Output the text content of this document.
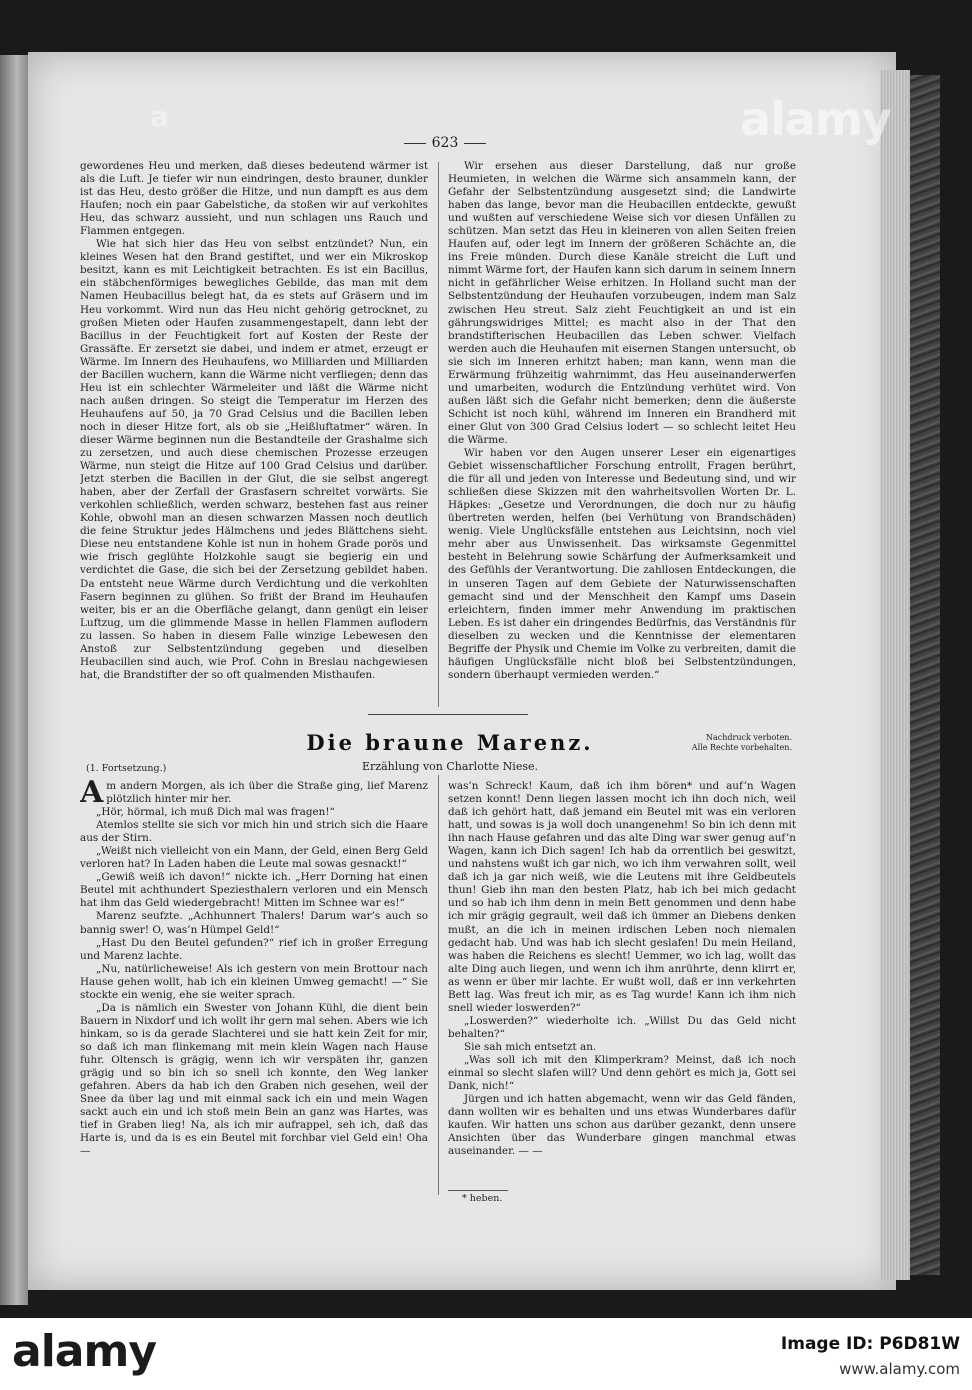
alamy
a
623

gewordenes Heu und merken, daß dieses bedeutend wärmer ist als die Luft. Je tiefer wir nun eindringen, desto brauner, dunkler ist das Heu, desto größer die Hitze, und nun dampft es aus dem Haufen; noch ein paar Gabelstiche, da stoßen wir auf verkohltes Heu, das schwarz aussieht, und nun schlagen uns Rauch und Flammen entgegen.

Wie hat sich hier das Heu von selbst entzündet? Nun, ein kleines Wesen hat den Brand gestiftet, und wer ein Mikroskop besitzt, kann es mit Leichtigkeit betrachten. Es ist ein Bacillus, ein stäbchenförmiges bewegliches Gebilde, das man mit dem Namen Heubacillus belegt hat, da es stets auf Gräsern und im Heu vorkommt. Wird nun das Heu nicht gehörig getrocknet, zu großen Mieten oder Haufen zusammengestapelt, dann lebt der Bacillus in der Feuchtigkeit fort auf Kosten der Reste der Grassäfte. Er zersetzt sie dabei, und indem er atmet, erzeugt er Wärme. Im Innern des Heuhaufens, wo Milliarden und Milliarden der Bacillen wuchern, kann die Wärme nicht verfliegen; denn das Heu ist ein schlechter Wärmeleiter und läßt die Wärme nicht nach außen dringen. So steigt die Temperatur im Herzen des Heuhaufens auf 50, ja 70 Grad Celsius und die Bacillen leben noch in dieser Hitze fort, als ob sie „Heißluftatmer“ wären. In dieser Wärme beginnen nun die Bestandteile der Grashalme sich zu zersetzen, und auch diese chemischen Prozesse erzeugen Wärme, nun steigt die Hitze auf 100 Grad Celsius und darüber. Jetzt sterben die Bacillen in der Glut, die sie selbst angeregt haben, aber der Zerfall der Grasfasern schreitet vorwärts. Sie verkohlen schließlich, werden schwarz, bestehen fast aus reiner Kohle, obwohl man an diesen schwarzen Massen noch deutlich die feine Struktur jedes Hälmchens und jedes Blättchens sieht. Diese neu entstandene Kohle ist nun in hohem Grade porös und wie frisch geglühte Holzkohle saugt sie begierig ein und verdichtet die Gase, die sich bei der Zersetzung gebildet haben. Da entsteht neue Wärme durch Verdichtung und die verkohlten Fasern beginnen zu glühen. So frißt der Brand im Heuhaufen weiter, bis er an die Oberfläche gelangt, dann genügt ein leiser Luftzug, um die glimmende Masse in hellen Flammen auflodern zu lassen. So haben in diesem Falle winzige Lebewesen den Anstoß zur Selbstentzündung gegeben und dieselben Heubacillen sind auch, wie Prof. Cohn in Breslau nachgewiesen hat, die Brandstifter der so oft qualmenden Misthaufen.

Wir ersehen aus dieser Darstellung, daß nur große Heumieten, in welchen die Wärme sich ansammeln kann, der Gefahr der Selbstentzündung ausgesetzt sind; die Landwirte haben das lange, bevor man die Heubacillen entdeckte, gewußt und wußten auf verschiedene Weise sich vor diesen Unfällen zu schützen. Man setzt das Heu in kleineren von allen Seiten freien Haufen auf, oder legt im Innern der größeren Schächte an, die ins Freie münden. Durch diese Kanäle streicht die Luft und nimmt Wärme fort, der Haufen kann sich darum in seinem Innern nicht in gefährlicher Weise erhitzen. In Holland sucht man der Selbstentzündung der Heuhaufen vorzubeugen, indem man Salz zwischen Heu streut. Salz zieht Feuchtigkeit an und ist ein gährungswidriges Mittel; es macht also in der That den brandstifterischen Heubacillen das Leben schwer. Vielfach werden auch die Heuhaufen mit eisernen Stangen untersucht, ob sie sich im Inneren erhitzt haben; man kann, wenn man die Erwärmung frühzeitig wahrnimmt, das Heu auseinanderwerfen und umarbeiten, wodurch die Entzündung verhütet wird. Von außen läßt sich die Gefahr nicht bemerken; denn die äußerste Schicht ist noch kühl, während im Inneren ein Brandherd mit einer Glut von 300 Grad Celsius lodert — so schlecht leitet Heu die Wärme.

Wir haben vor den Augen unserer Leser ein eigenartiges Gebiet wissenschaftlicher Forschung entrollt, Fragen berührt, die für all und jeden von Interesse und Bedeutung sind, und wir schließen diese Skizzen mit den wahrheitsvollen Worten Dr. L. Häpkes: „Gesetze und Verordnungen, die doch nur zu häufig übertreten werden, helfen (bei Verhütung von Brandschäden) wenig. Viele Unglücksfälle entstehen aus Leichtsinn, noch viel mehr aber aus Unwissenheit. Das wirksamste Gegenmittel besteht in Belehrung sowie Schärfung der Aufmerksamkeit und des Gefühls der Verantwortung. Die zahllosen Entdeckungen, die in unseren Tagen auf dem Gebiete der Naturwissenschaften gemacht sind und der Menschheit den Kampf ums Dasein erleichtern, finden immer mehr Anwendung im praktischen Leben. Es ist daher ein dringendes Bedürfnis, das Verständnis für dieselben zu wecken und die Kenntnisse der elementaren Begriffe der Physik und Chemie im Volke zu verbreiten, damit die häufigen Unglücksfälle nicht bloß bei Selbstentzündungen, sondern überhaupt vermieden werden.“

Die braune Marenz.
Erzählung von Charlotte Niese.
Nachdruck verboten.
Alle Rechte vorbehalten.
(1. Fortsetzung.)

Am andern Morgen, als ich über die Straße ging, lief Marenz plötzlich hinter mir her.

„Hör, hörmal, ich muß Dich mal was fragen!“

Atemlos stellte sie sich vor mich hin und strich sich die Haare aus der Stirn.

„Weißt nich vielleicht von ein Mann, der Geld, einen Berg Geld verloren hat? In Laden haben die Leute mal sowas gesnackt!“

„Gewiß weiß ich davon!“ nickte ich. „Herr Dorning hat einen Beutel mit achthundert Speziesthalern verloren und ein Mensch hat ihm das Geld wiedergebracht! Mitten im Schnee war es!“

Marenz seufzte. „Achhunnert Thalers! Darum war’s auch so bannig swer! O, was’n Hümpel Geld!“

„Hast Du den Beutel gefunden?“ rief ich in großer Erregung und Marenz lachte.

„Nu, natürlicheweise! Als ich gestern von mein Brottour nach Hause gehen wollt, hab ich ein kleinen Umweg gemacht! —“ Sie stockte ein wenig, ehe sie weiter sprach.

„Da is nämlich ein Swester von Johann Kühl, die dient bein Bauern in Nixdorf und ich wollt ihr gern mal sehen. Abers wie ich hinkam, so is da gerade Slachterei und sie hatt kein Zeit for mir, so daß ich man flinkemang mit mein klein Wagen nach Hause fuhr. Oltensch is grägig, wenn ich wir verspäten ihr, ganzen grägig und so bin ich so snell ich konnte, den Weg lanker gefahren. Abers da hab ich den Graben nich gesehen, weil der Snee da über lag und mit einmal sack ich ein und mein Wagen sackt auch ein und ich stoß mein Bein an ganz was Hartes, was tief in Graben lieg! Na, als ich mir aufrappel, seh ich, daß das Harte is, und da is es ein Beutel mit forchbar viel Geld ein! Oha —

was’n Schreck! Kaum, daß ich ihm bören* und auf’n Wagen setzen konnt! Denn liegen lassen mocht ich ihn doch nich, weil daß ich gehört hatt, daß jemand ein Beutel mit was ein verloren hatt, und sowas is ja woll doch unangenehm! So bin ich denn mit ihn nach Hause gefahren und das alte Ding war swer genug auf’n Wagen, kann ich Dich sagen! Ich hab da orrentlich bei geswitzt, und nahstens wußt ich gar nich, wo ich ihm verwahren sollt, weil daß ich ja gar nich weiß, wie die Leutens mit ihre Geldbeutels thun! Gieb ihn man den besten Platz, hab ich bei mich gedacht und so hab ich ihm denn in mein Bett genommen und denn habe ich mir grägig gegrault, weil daß ich ümmer an Diebens denken mußt, an die ich in meinen irdischen Leben noch niemalen gedacht hab. Und was hab ich slecht geslafen! Du mein Heiland, was haben die Reichens es slecht! Uemmer, wo ich lag, wollt das alte Ding auch liegen, und wenn ich ihm anrührte, denn klirrt er, as wenn er über mir lachte. Er wußt woll, daß er inn verkehrten Bett lag. Was freut ich mir, as es Tag wurde! Kann ich ihm nich snell wieder loswerden?“

„Loswerden?“ wiederholte ich. „Willst Du das Geld nicht behalten?“

Sie sah mich entsetzt an.

„Was soll ich mit den Klimperkram? Meinst, daß ich noch einmal so slecht slafen will? Und denn gehört es mich ja, Gott sei Dank, nich!“

Jürgen und ich hatten abgemacht, wenn wir das Geld fänden, dann wollten wir es behalten und uns etwas Wunderbares dafür kaufen. Wir hatten uns schon aus darüber gezankt, denn unsere Ansichten über das Wunderbare gingen manchmal etwas auseinander. — —

* heben.
alamy	Image ID: P6D81W
www.alamy.com
